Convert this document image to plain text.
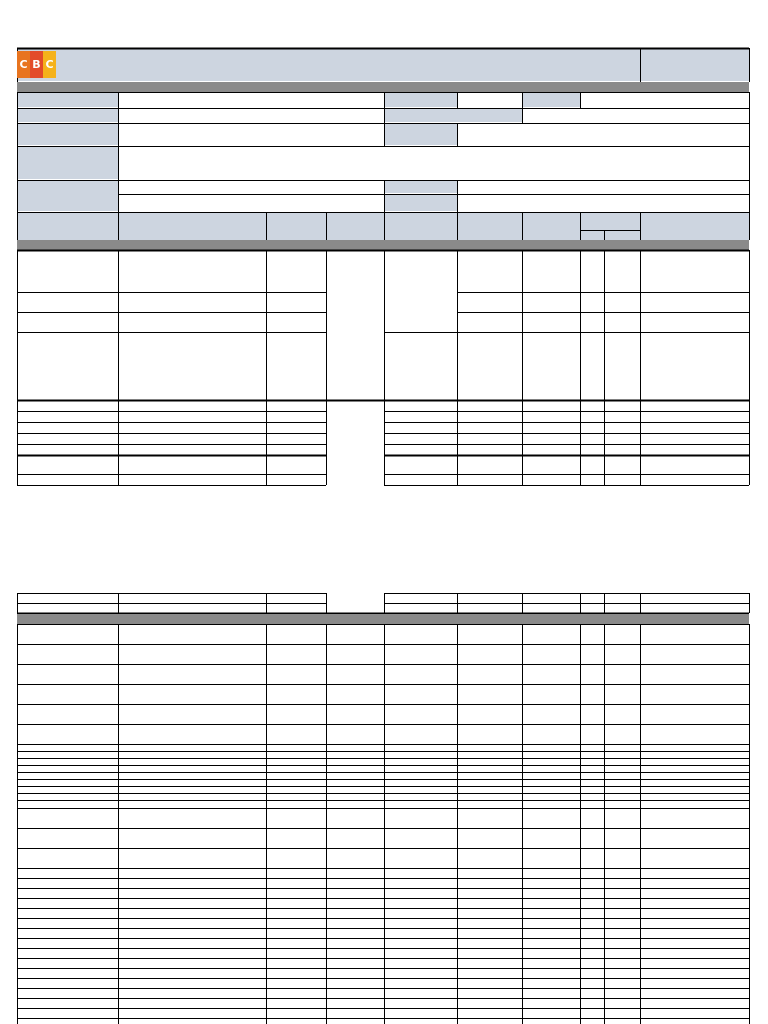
C B C
